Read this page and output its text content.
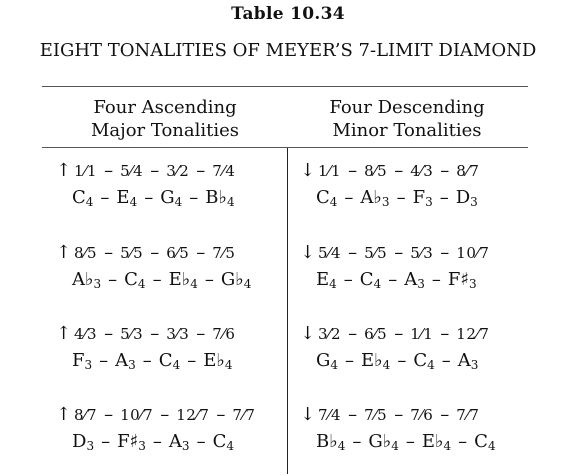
Table 10.34
EIGHT TONALITIES OF MEYER’S 7-LIMIT DIAMOND
Four Ascending
Major Tonalities
Four Descending
Minor Tonalities
↑ 1⁄1 – 5⁄4 – 3⁄2 – 7⁄4
$C_4 - E_4 - G_4$ – $B♭_4$
↑ 8⁄5 – 5⁄5 – 6⁄5 – 7⁄5
$A♭_3 - C_4$ – $E♭_4$ – $G♭_4$
↑ 4⁄3 – 5⁄3 – 3⁄3 – 7⁄6
$F_3 - A_3 - C_4$ – $E♭_4$
↑ 8⁄7 – 10⁄7 – 12⁄7 – 7⁄7
$D_3$ – $F♯_3 - A_3 - C_4$
↓ 1⁄1 – 8⁄5 – 4⁄3 – 8⁄7
$C_4$ – $A♭_3 - F_3 - D_3$
↓ 5⁄4 – 5⁄5 – 5⁄3 – 10⁄7
$E_4 - C_4 - A_3$ – $F♯_3$
↓ 3⁄2 – 6⁄5 – 1⁄1 – 12⁄7
$G_4$ – $E♭_4 - C_4 - A_3$
↓ 7⁄4 – 7⁄5 – 7⁄6 – 7⁄7
$B♭_4$ – $G♭_4$ – $E♭_4 - C_4$
